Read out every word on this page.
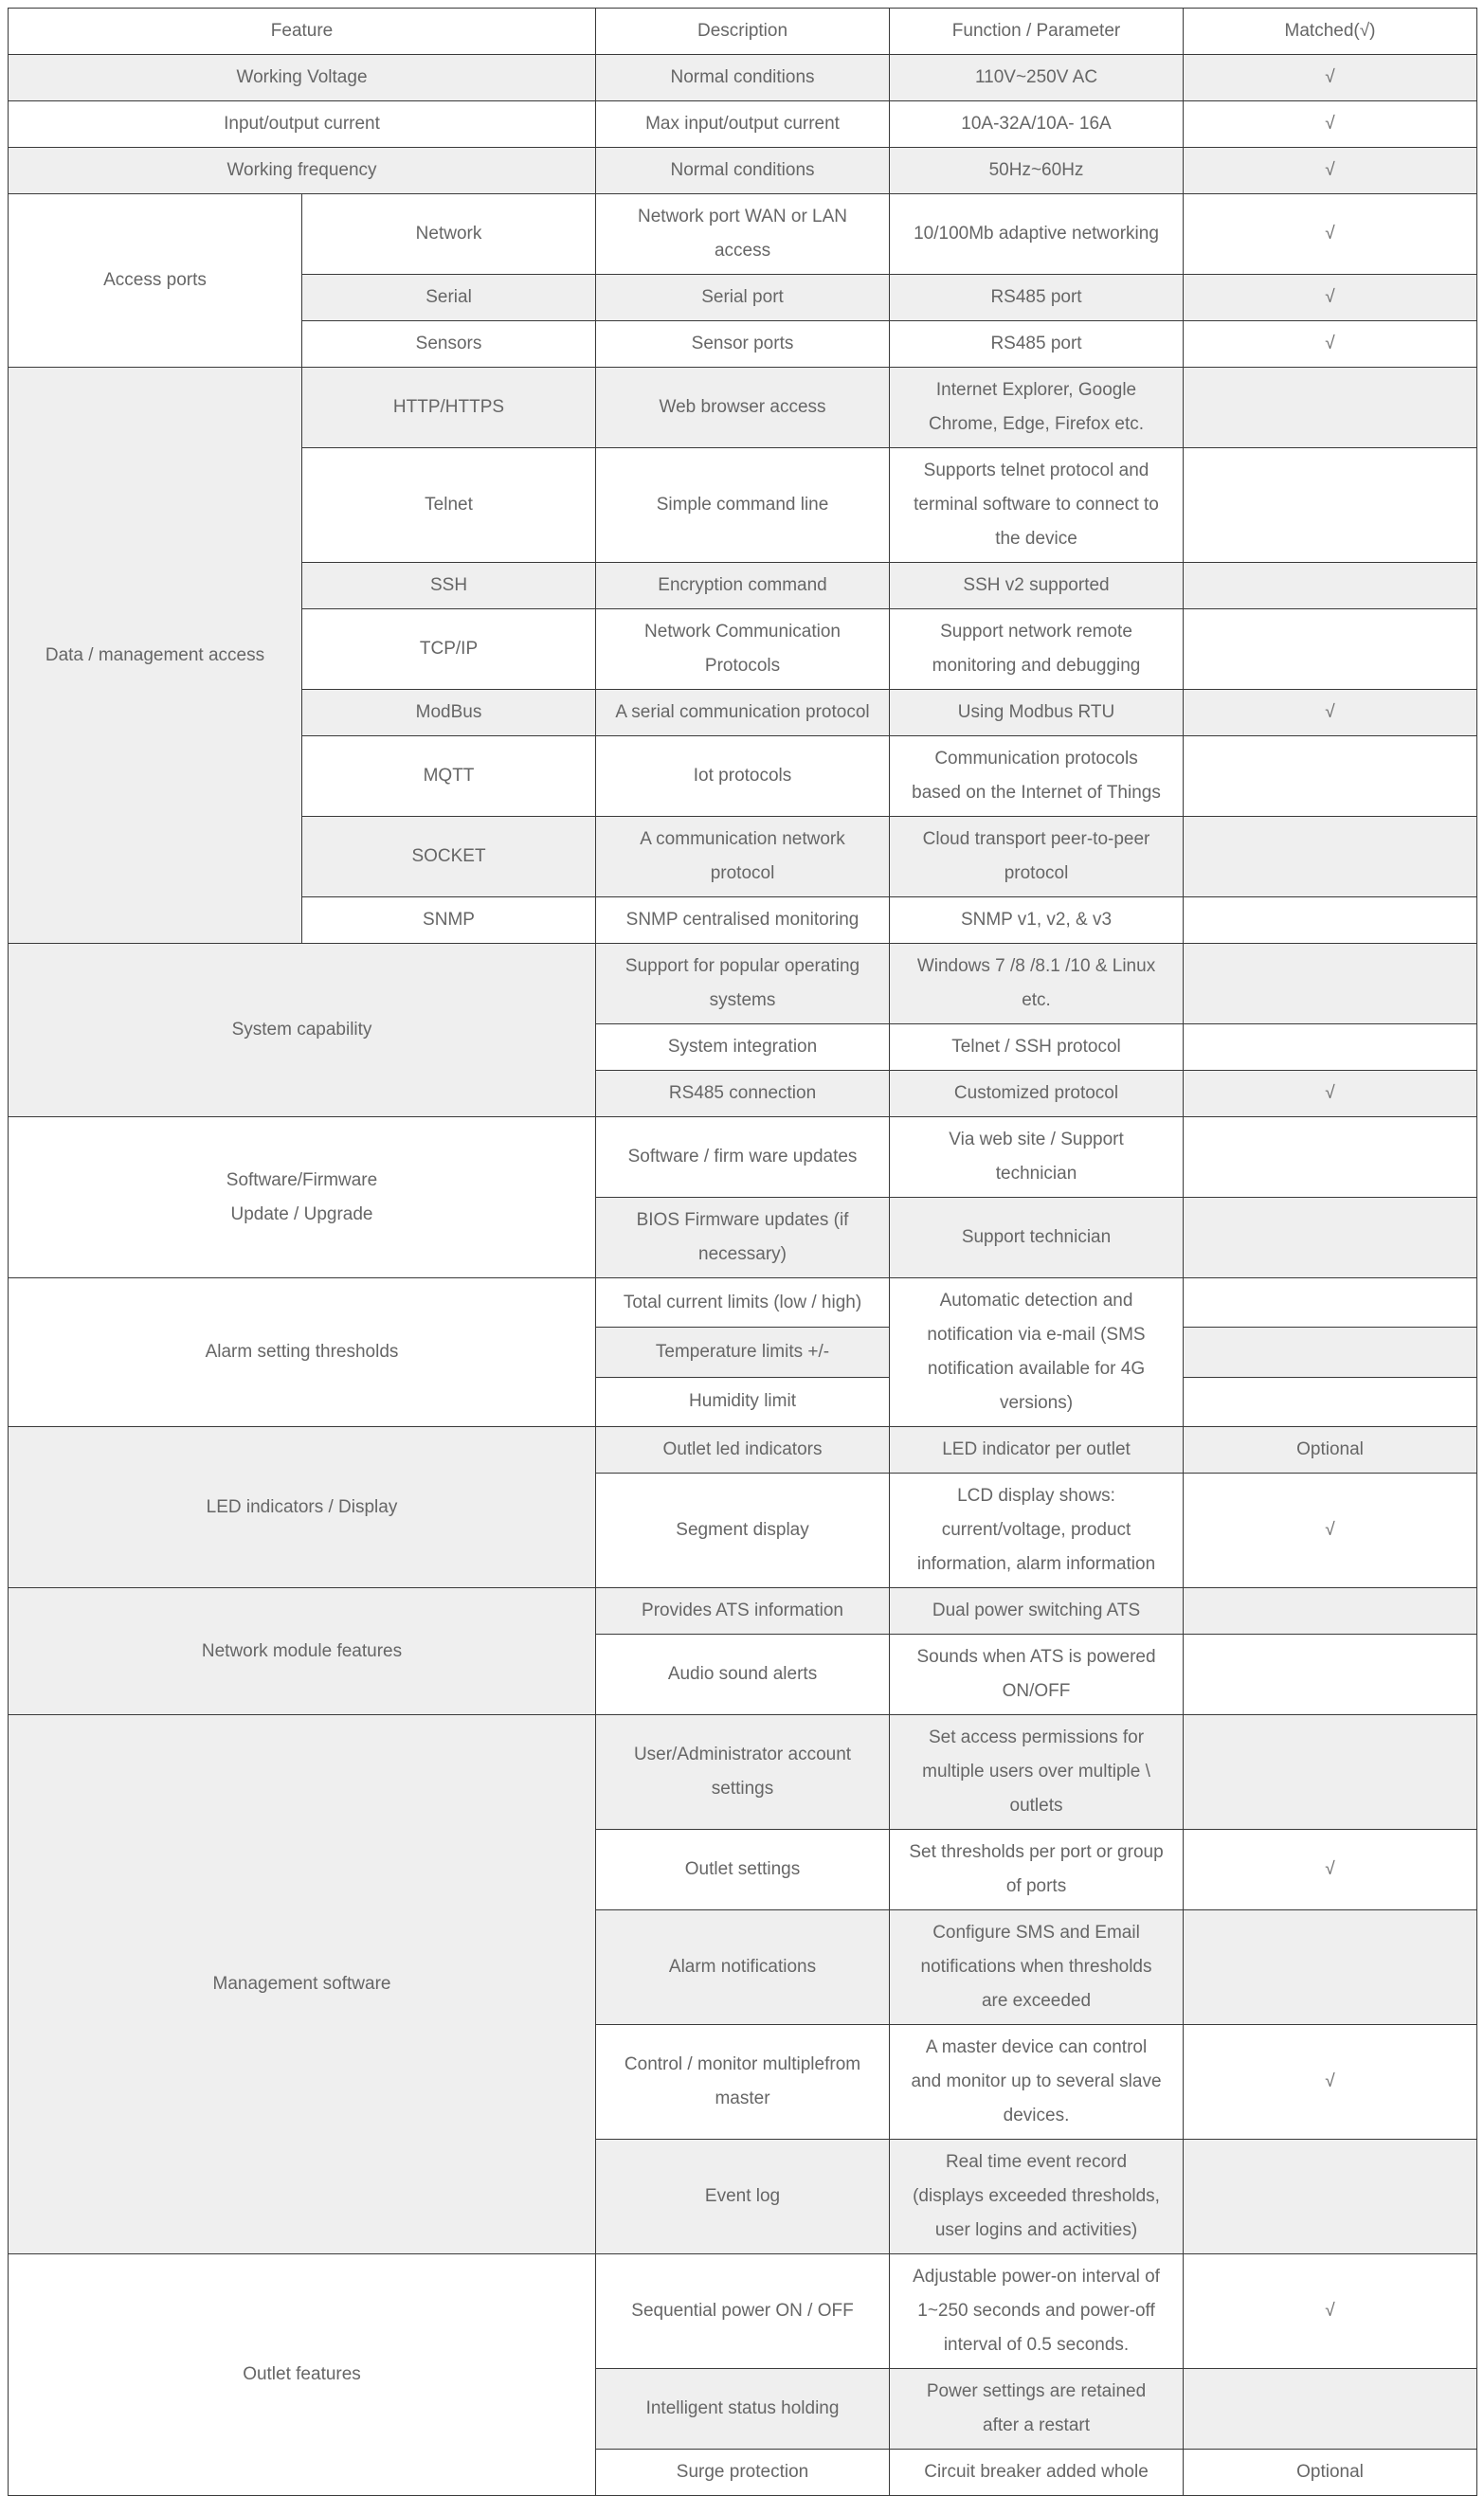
Feature		Description	Function / Parameter	Matched(√)
Working Voltage		Normal conditions	110V~250V AC	√
Input/output current		Max input/output current	10A-32A/10A- 16A	√
Working frequency		Normal conditions	50Hz~60Hz	√
Access ports	Network	Network port WAN or LAN access	10/100Mb adaptive networking	√
	Serial	Serial port	RS485 port	√
	Sensors	Sensor ports	RS485 port	√
Data / management access	HTTP/HTTPS	Web browser access	Internet Explorer, Google Chrome, Edge, Firefox etc.	
	Telnet	Simple command line	Supports telnet protocol and terminal software to connect to the device	
	SSH	Encryption command	SSH v2 supported	
	TCP/IP	Network Communication Protocols	Support network remote monitoring and debugging	
	ModBus	A serial communication protocol	Using Modbus RTU	√
	MQTT	Iot protocols	Communication protocols based on the Internet of Things	
	SOCKET	A communication network protocol	Cloud transport peer-to-peer protocol	
	SNMP	SNMP centralised monitoring	SNMP v1, v2, & v3	
System capability		Support for popular operating systems	Windows 7 /8 /8.1 /10 & Linux etc.	
		System integration	Telnet / SSH protocol	
		RS485 connection	Customized protocol	√
Software/Firmware Update / Upgrade		Software / firm ware updates	Via web site / Support technician	
		BIOS Firmware updates (if necessary)	Support technician	
Alarm setting thresholds		Total current limits (low / high)	Automatic detection and notification via e-mail (SMS notification available for 4G versions)	
		Temperature limits +/-		
		Humidity limit		
LED indicators / Display		Outlet led indicators	LED indicator per outlet	Optional
		Segment display	LCD display shows: current/voltage, product information, alarm information	√
Network module features		Provides ATS information	Dual power switching ATS	
		Audio sound alerts	Sounds when ATS is powered ON/OFF	
Management software		User/Administrator account settings	Set access permissions for multiple users over multiple \ outlets	
		Outlet settings	Set thresholds per port or group of ports	√
		Alarm notifications	Configure SMS and Email notifications when thresholds are exceeded	
		Control / monitor multiplefrom master	A master device can control and monitor up to several slave devices.	√
		Event log	Real time event record (displays exceeded thresholds, user logins and activities)	
Outlet features		Sequential power ON / OFF	Adjustable power-on interval of 1~250 seconds and power-off interval of 0.5 seconds.	√
		Intelligent status holding	Power settings are retained after a restart	
		Surge protection	Circuit breaker added whole	Optional
